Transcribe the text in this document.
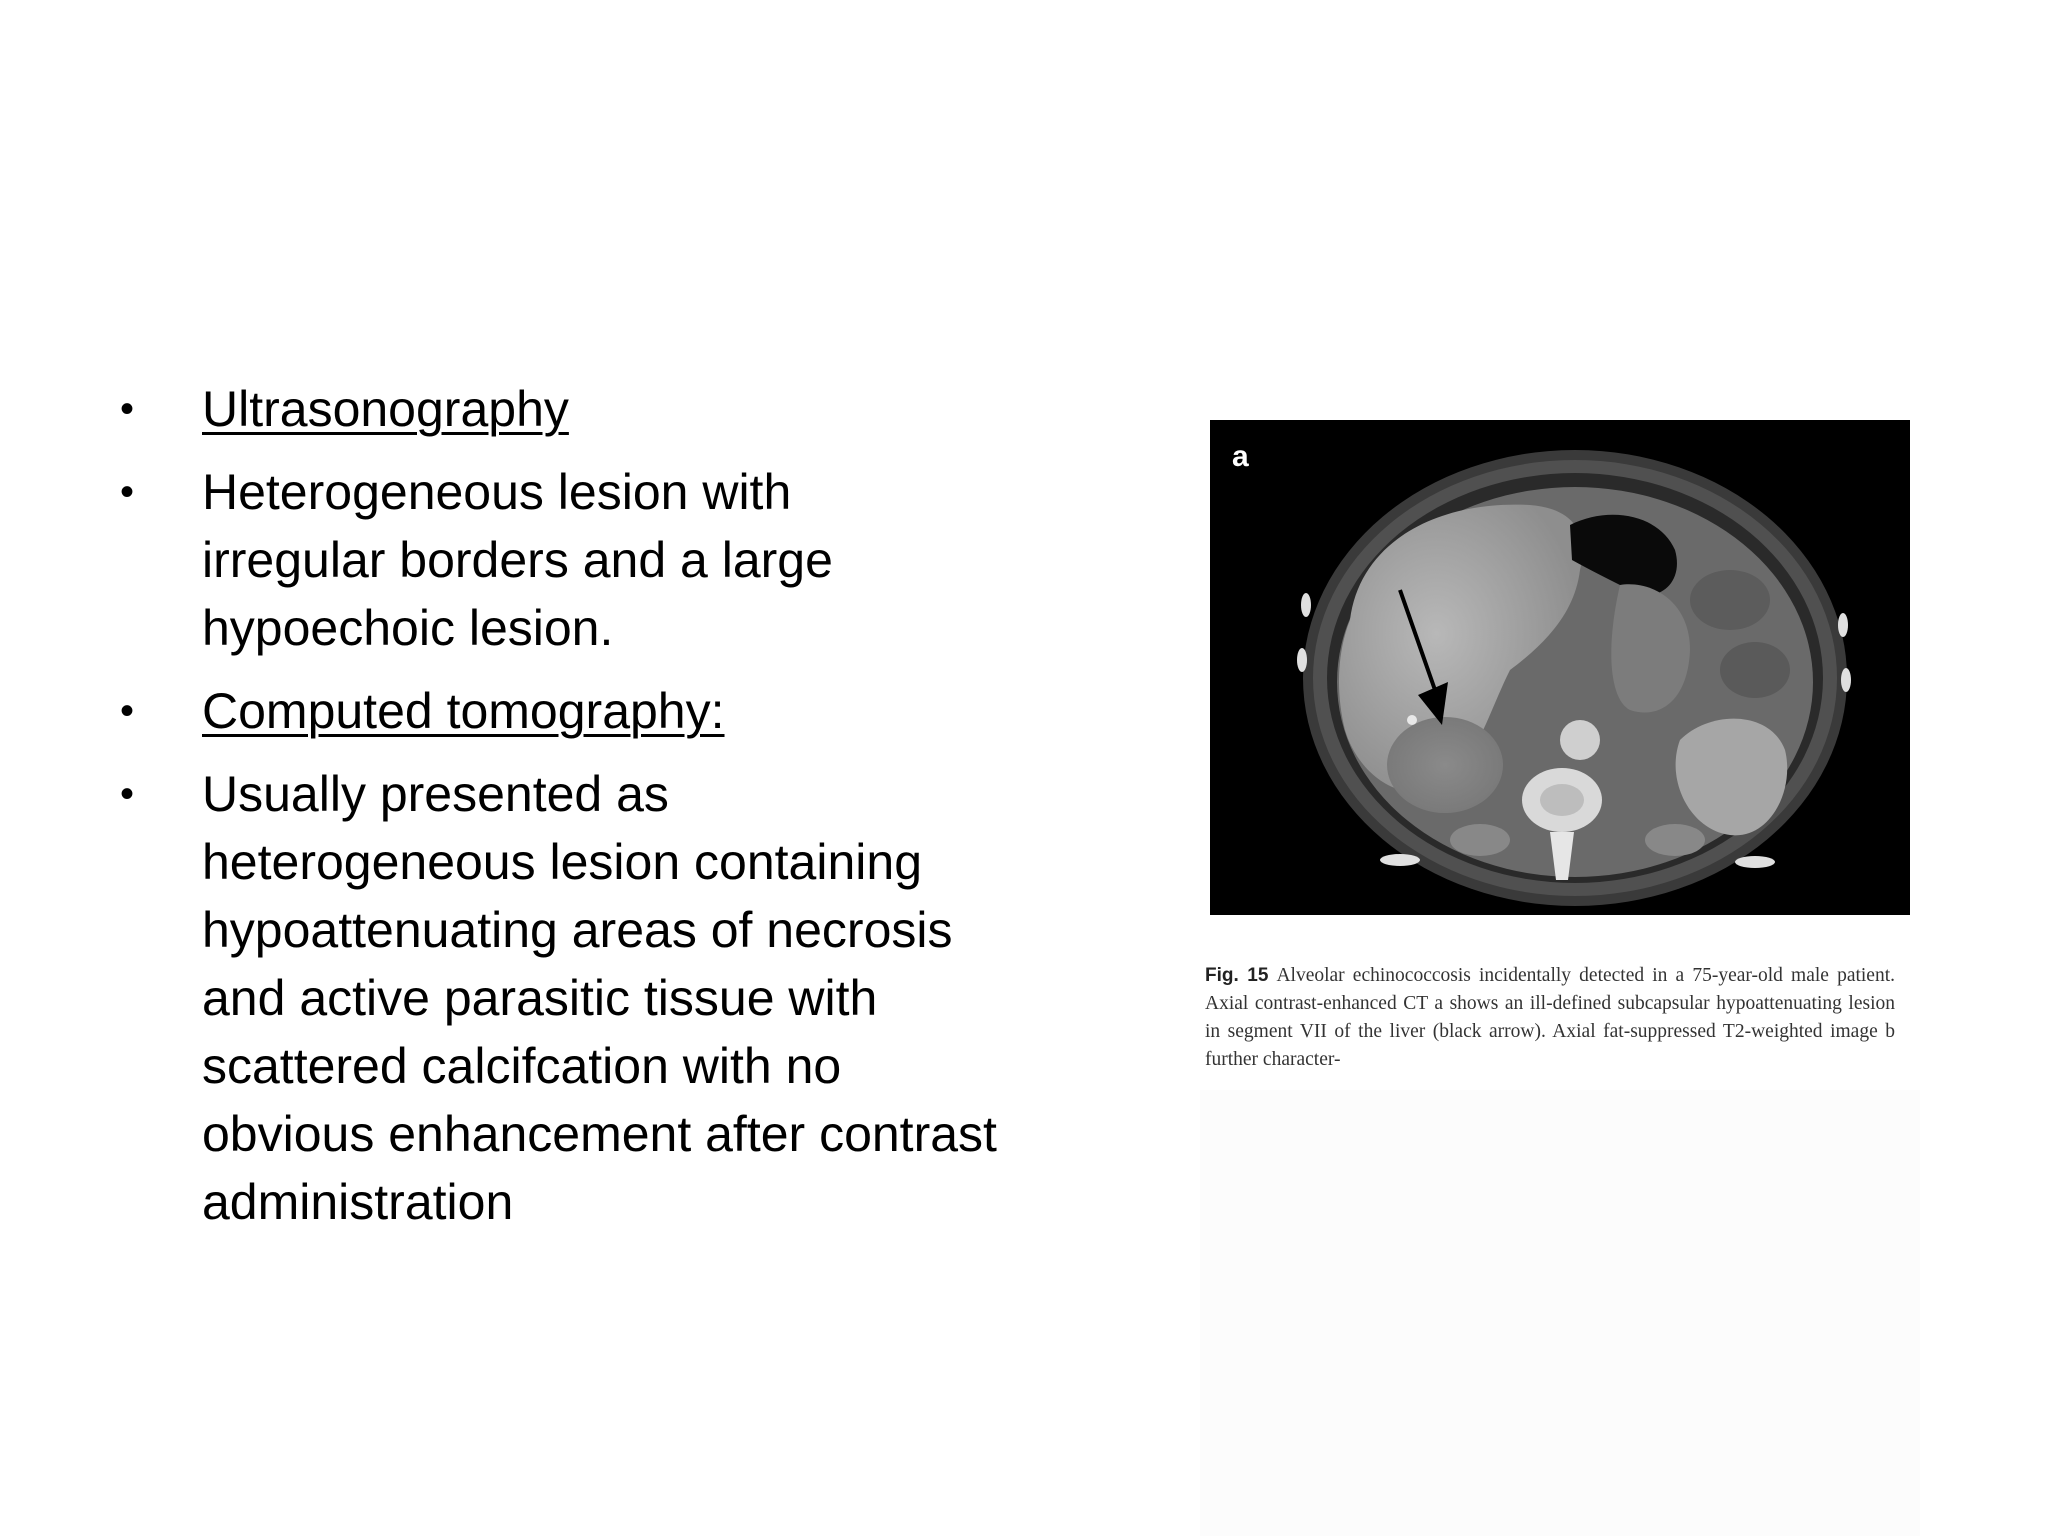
•	Ultrasonography
•	Heterogeneous lesion with irregular borders and a large hypoechoic lesion.
•	Computed tomography:
•	Usually presented as heterogeneous lesion containing hypoattenuating areas of necrosis and active parasitic tissue with scattered calcifcation with no obvious enhancement after contrast administration
a
Fig. 15 Alveolar echinococcosis incidentally detected in a 75-year-old male patient. Axial contrast-enhanced CT a shows an ill-defined subcapsular hypoattenuating lesion in segment VII of the liver (black arrow). Axial fat-suppressed T2-weighted image b further character-
